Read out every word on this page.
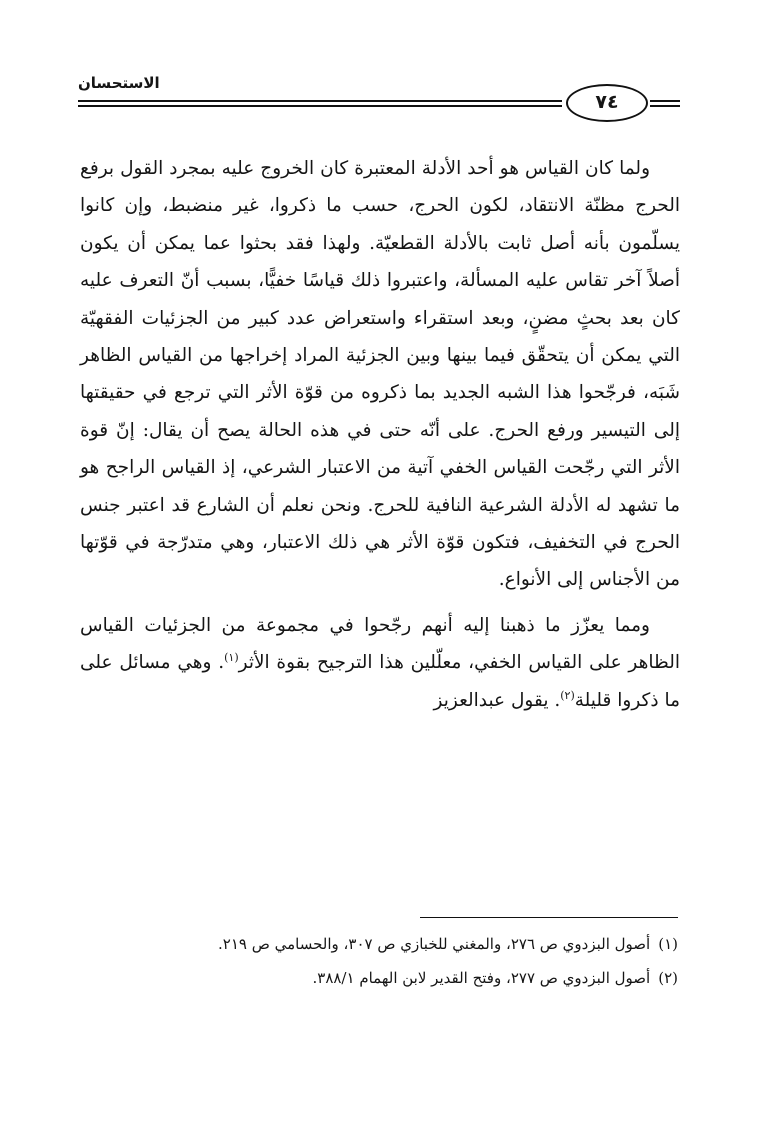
الاستحسان
٧٤

ولما كان القياس هو أحد الأدلة المعتبرة كان الخروج عليه بمجرد القول برفع الحرج مظنّة الانتقاد، لكون الحرج، حسب ما ذكروا، غير منضبط، وإن كانوا يسلّمون بأنه أصل ثابت بالأدلة القطعيّة. ولهذا فقد بحثوا عما يمكن أن يكون أصلاً آخر تقاس عليه المسألة، واعتبروا ذلك قياسًا خفيًّا، بسبب أنّ التعرف عليه كان بعد بحثٍ مضنٍ، وبعد استقراء واستعراض عدد كبير من الجزئيات الفقهيّة التي يمكن أن يتحقّق فيما بينها وبين الجزئية المراد إخراجها من القياس الظاهر شَبَه، فرجّحوا هذا الشبه الجديد بما ذكروه من قوّة الأثر التي ترجع في حقيقتها إلى التيسير ورفع الحرج. على أنّه حتى في هذه الحالة يصح أن يقال: إنّ قوة الأثر التي رجّحت القياس الخفي آتية من الاعتبار الشرعي، إذ القياس الراجح هو ما تشهد له الأدلة الشرعية النافية للحرج. ونحن نعلم أن الشارع قد اعتبر جنس الحرج في التخفيف، فتكون قوّة الأثر هي ذلك الاعتبار، وهي متدرّجة في قوّتها من الأجناس إلى الأنواع.

ومما يعزّز ما ذهبنا إليه أنهم رجّحوا في مجموعة من الجزئيات القياس الظاهر على القياس الخفي، معلّلين هذا الترجيح بقوة الأثر$^{(١)}$. وهي مسائل على ما ذكروا قليلة$^{(٢)}$. يقول عبدالعزيز

(١)أصول البزدوي ص ٢٧٦، والمغني للخبازي ص ٣٠٧، والحسامي ص ٢١٩.
(٢)أصول البزدوي ص ٢٧٧، وفتح القدير لابن الهمام ٣٨٨/١.
